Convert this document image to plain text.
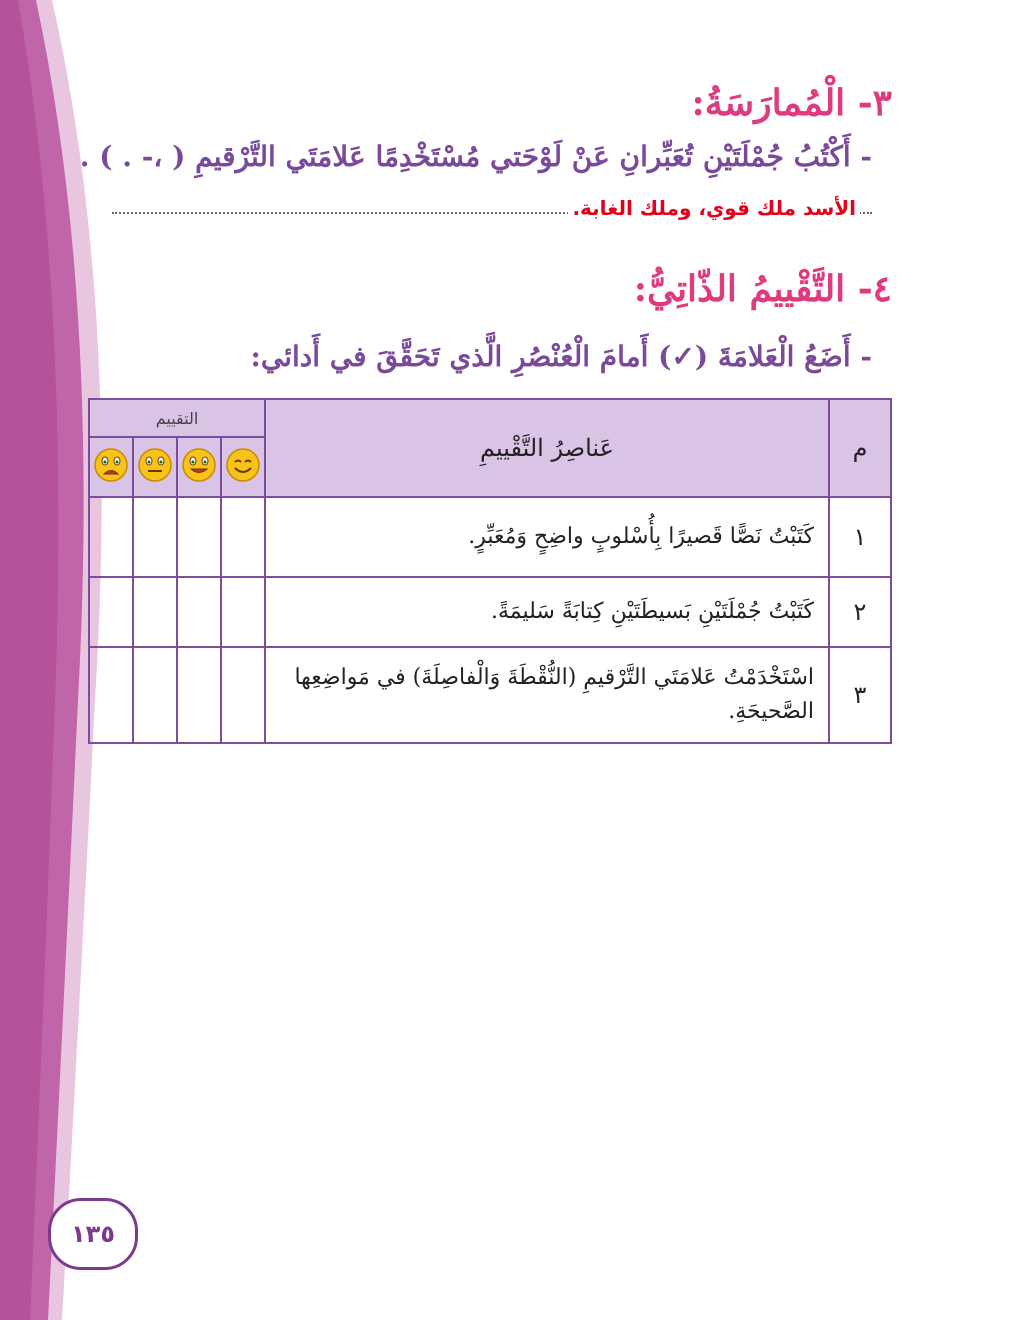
٣- الْمُمارَسَةُ:
- أَكْتُبُ جُمْلَتَيْنِ تُعَبِّرانِ عَنْ لَوْحَتي مُسْتَخْدِمًا عَلامَتَي التَّرْقيمِ ( ،- . ) .
الأسد ملك قوي، وملك الغابة.
٤- التَّقْييمُ الذّاتِيُّ:
- أَضَعُ الْعَلامَةَ (✓) أَمامَ الْعُنْصُرِ الَّذي تَحَقَّقَ في أَدائي:
م	عَناصِرُ التَّقْييمِ	التقييم			

١	كَتَبْتُ نَصًّا قَصيرًا بِأُسْلوبٍ واضِحٍ وَمُعَبِّرٍ.				
٢	كَتَبْتُ جُمْلَتَيْنِ بَسيطَتَيْنِ كِتابَةً سَليمَةً.				
٣	اسْتَخْدَمْتُ عَلامَتَي التَّرْقيمِ (النُّقْطَةَ وَالْفاصِلَةَ) في مَواضِعِها الصَّحيحَةِ.				
١٣٥
